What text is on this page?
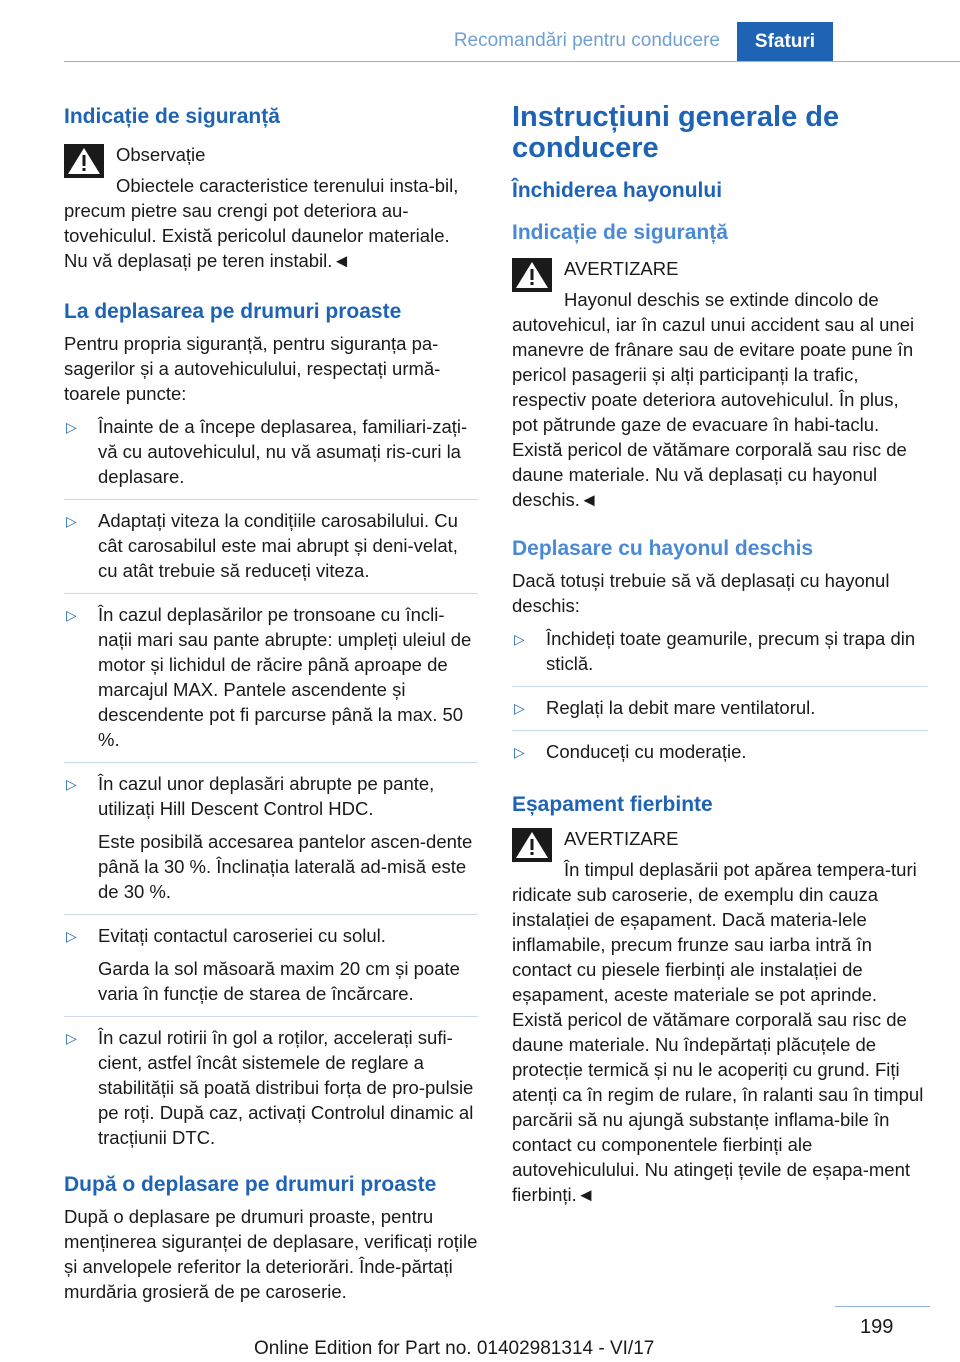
Recomandări pentru conducere	Sfaturi
Indicație de siguranță

Observație

Obiectele caracteristice terenului insta-bil, precum pietre sau crengi pot deteriora au-tovehiculul. Există pericolul daunelor materiale. Nu vă deplasați pe teren instabil.◄

La deplasarea pe drumuri proaste

Pentru propria siguranță, pentru siguranța pa-sagerilor și a autovehiculului, respectați urmă-toarele puncte:

▷ Înainte de a începe deplasarea, familiari-zați-vă cu autovehiculul, nu vă asumați ris-curi la deplasare.
▷ Adaptați viteza la condițiile carosabilului. Cu cât carosabilul este mai abrupt și deni-velat, cu atât trebuie să reduceți viteza.
▷ În cazul deplasărilor pe tronsoane cu încli-nații mari sau pante abrupte: umpleți uleiul de motor și lichidul de răcire până aproape de marcajul MAX. Pantele ascendente și descendente pot fi parcurse până la max. 50 %.
▷ În cazul unor deplasări abrupte pe pante, utilizați Hill Descent Control HDC.
Este posibilă accesarea pantelor ascen-dente până la 30 %. Înclinația laterală ad-misă este de 30 %.
▷ Evitați contactul caroseriei cu solul.
Garda la sol măsoară maxim 20 cm și poate varia în funcție de starea de încărcare.
▷ În cazul rotirii în gol a roților, accelerați sufi-cient, astfel încât sistemele de reglare a stabilității să poată distribui forța de pro-pulsie pe roți. După caz, activați Controlul dinamic al tracțiunii DTC.
După o deplasare pe drumuri proaste

După o deplasare pe drumuri proaste, pentru menținerea siguranței de deplasare, verificați roțile și anvelopele referitor la deteriorări. Înde-părtați murdăria grosieră de pe caroserie.

Instrucțiuni generale de conducere
Închiderea hayonului
Indicație de siguranță

AVERTIZARE

Hayonul deschis se extinde dincolo de autovehicul, iar în cazul unui accident sau al unei manevre de frânare sau de evitare poate pune în pericol pasagerii și alți participanți la trafic, respectiv poate deteriora autovehiculul. În plus, pot pătrunde gaze de evacuare în habi-taclu. Există pericol de vătămare corporală sau risc de daune materiale. Nu vă deplasați cu hayonul deschis.◄

Deplasare cu hayonul deschis

Dacă totuși trebuie să vă deplasați cu hayonul deschis:

▷ Închideți toate geamurile, precum și trapa din sticlă.
▷ Reglați la debit mare ventilatorul.
▷ Conduceți cu moderație.
Eșapament fierbinte

AVERTIZARE

În timpul deplasării pot apărea tempera-turi ridicate sub caroserie, de exemplu din cauza instalației de eșapament. Dacă materia-lele inflamabile, precum frunze sau iarba intră în contact cu piesele fierbinți ale instalației de eșapament, aceste materiale se pot aprinde. Există pericol de vătămare corporală sau risc de daune materiale. Nu îndepărtați plăcuțele de protecție termică și nu le acoperiți cu grund. Fiți atenți ca în regim de rulare, în ralanti sau în timpul parcării să nu ajungă substanțe inflama-bile în contact cu componentele fierbinți ale autovehiculului. Nu atingeți țevile de eșapa-ment fierbinți.◄

199
Online Edition for Part no. 01402981314 - VI/17
